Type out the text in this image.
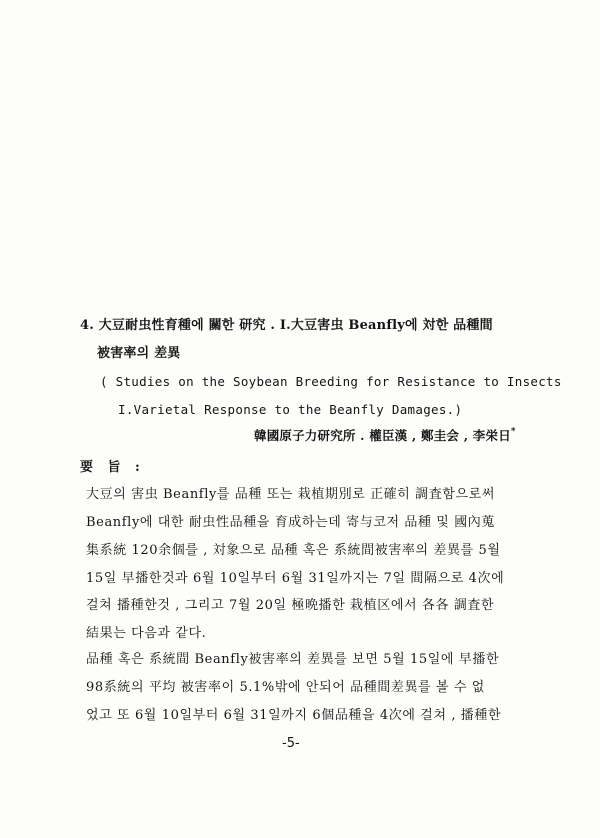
4. 大豆耐虫性育種에 關한 研究 . Ⅰ.大豆害虫 Beanfly에 対한 品種間
被害率의 差異
( Studies on the Soybean Breeding for Resistance to Insects
I.Varietal Response to the Beanfly Damages.)
韓國原子力研究所 . 權臣漢 , 鄭圭会 , 李栄日*
要 旨 :
大豆의 害虫 Beanfly를 品種 또는 栽植期別로 正確히 調査함으로써
Beanfly에 대한 耐虫性品種을 育成하는데 寄与코저 品種 및 國內蒐
集系統 120余個를 , 対象으로 品種 혹은 系統間被害率의 差異를 5월
15일 早播한것과 6월 10일부터 6월 31일까지는 7일 間隔으로 4次에
걸쳐 播種한것 , 그리고 7월 20일 極晩播한 栽植区에서 各各 調査한
結果는 다음과 같다.
品種 혹은 系統間 Beanfly被害率의 差異를 보면 5월 15일에 早播한
98系統의 平均 被害率이 5.1%밖에 안되어 品種間差異를 볼 수 없
었고 또 6월 10일부터 6월 31일까지 6個品種을 4次에 걸쳐 , 播種한
-5-
